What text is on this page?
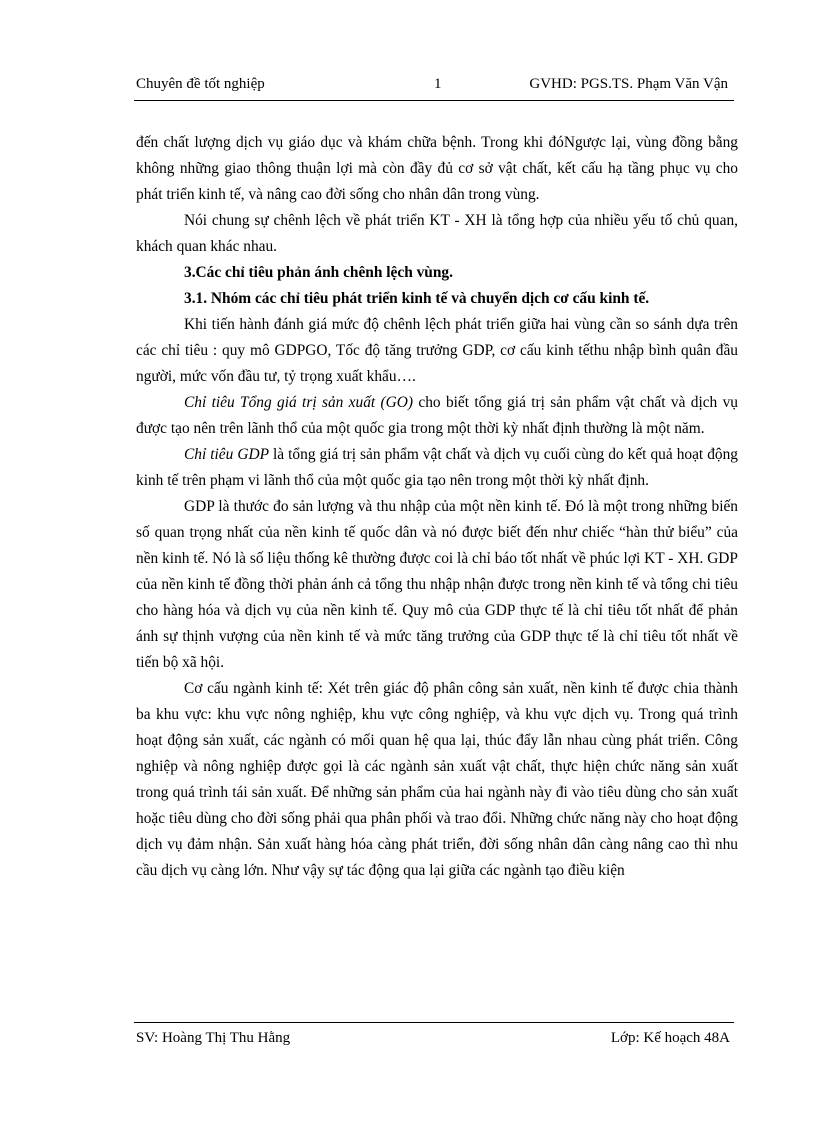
Chuyên đề tốt nghiệp	1	GVHD: PGS.TS. Phạm Văn Vận

đến chất lượng dịch vụ giáo dục và khám chữa bệnh. Trong khi đóNgược lại, vùng đồng bằng không những giao thông thuận lợi mà còn đầy đủ cơ sở vật chất, kết cấu hạ tầng phục vụ cho phát triển kinh tế, và nâng cao đời sống cho nhân dân trong vùng.

Nói chung sự chênh lệch về phát triển KT - XH là tổng hợp của nhiều yếu tố chủ quan, khách quan khác nhau.

3.Các chỉ tiêu phản ánh chênh lệch vùng.

3.1. Nhóm các chỉ tiêu phát triển kinh tế và chuyển dịch cơ cấu kinh tế.

Khi tiến hành đánh giá mức độ chênh lệch phát triển giữa hai vùng cần so sánh dựa trên các chỉ tiêu : quy mô GDPGO, Tốc độ tăng trưởng GDP, cơ cấu kinh tếthu nhập bình quân đầu người, mức vốn đầu tư, tỷ trọng xuất khẩu….

Chỉ tiêu Tổng giá trị sản xuất (GO) cho biết tổng giá trị sản phẩm vật chất và dịch vụ được tạo nên trên lãnh thổ của một quốc gia trong một thời kỳ nhất định thường là một năm.

Chỉ tiêu GDP là tổng giá trị sản phẩm vật chất và dịch vụ cuối cùng do kết quả hoạt động kinh tế trên phạm vi lãnh thổ của một quốc gia tạo nên trong một thời kỳ nhất định.

GDP là thước đo sản lượng và thu nhập của một nền kinh tế. Đó là một trong những biến số quan trọng nhất của nền kinh tế quốc dân và nó được biết đến như chiếc “hàn thử biểu” của nền kinh tế. Nó là số liệu thống kê thường được coi là chỉ báo tốt nhất về phúc lợi KT - XH. GDP của nền kinh tế đồng thời phản ánh cả tổng thu nhập nhận được trong nền kinh tế và tổng chi tiêu cho hàng hóa và dịch vụ của nền kinh tế. Quy mô của GDP thực tế là chỉ tiêu tốt nhất để phản ánh sự thịnh vượng của nền kinh tế và mức tăng trưởng của GDP thực tế là chỉ tiêu tốt nhất về tiến bộ xã hội.

Cơ cấu ngành kinh tế: Xét trên giác độ phân công sản xuất, nền kinh tế được chia thành ba khu vực: khu vực nông nghiệp, khu vực công nghiệp, và khu vực dịch vụ. Trong quá trình hoạt động sản xuất, các ngành có mối quan hệ qua lại, thúc đẩy lẫn nhau cùng phát triển. Công nghiệp và nông nghiệp được gọi là các ngành sản xuất vật chất, thực hiện chức năng sản xuất trong quá trình tái sản xuất. Để những sản phẩm của hai ngành này đi vào tiêu dùng cho sản xuất hoặc tiêu dùng cho đời sống phải qua phân phối và trao đổi. Những chức năng này cho hoạt động dịch vụ đảm nhận. Sản xuất hàng hóa càng phát triển, đời sống nhân dân càng nâng cao thì nhu cầu dịch vụ càng lớn. Như vậy sự tác động qua lại giữa các ngành tạo điều kiện

SV: Hoàng Thị Thu Hằng	Lớp: Kế hoạch 48A
